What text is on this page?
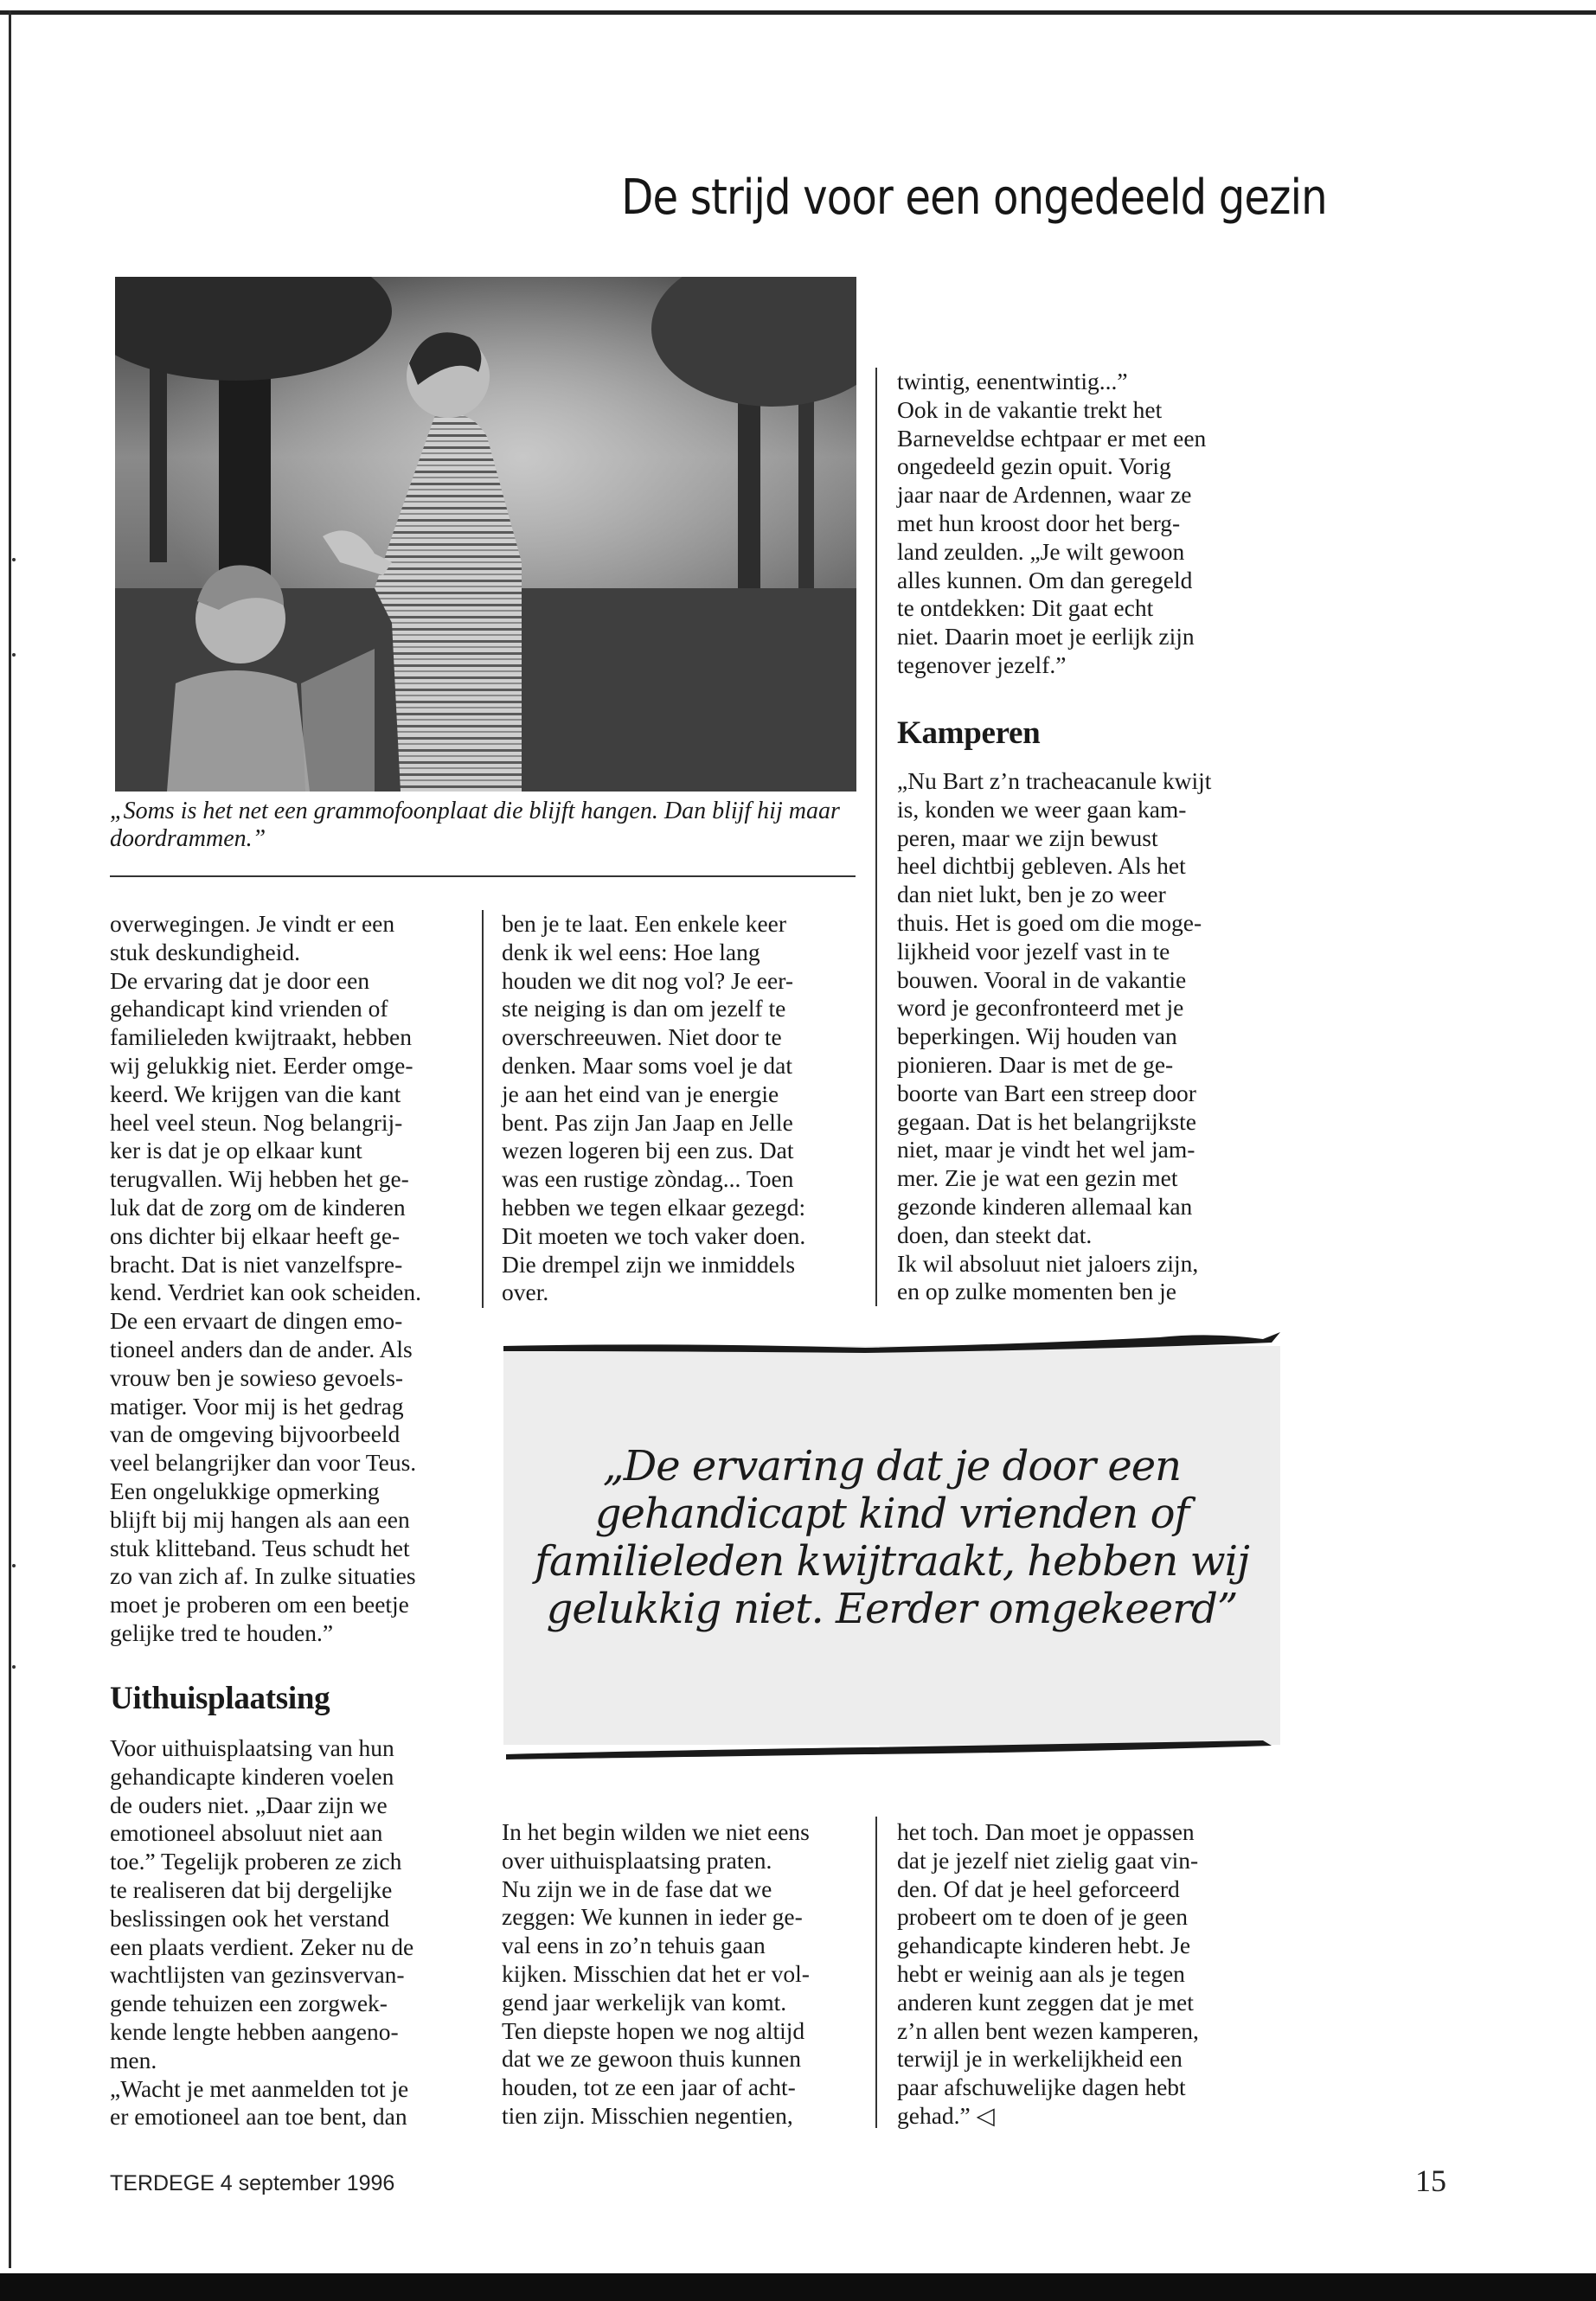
De strijd voor een ongedeeld gezin
„Soms is het net een grammofoonplaat die blijft hangen. Dan blijf hij maar doordrammen.”

twintig, eenentwintig...”

Ook in de vakantie trekt het

Barneveldse echtpaar er met een

ongedeeld gezin opuit. Vorig

jaar naar de Ardennen, waar ze

met hun kroost door het berg-

land zeulden. „Je wilt gewoon

alles kunnen. Om dan geregeld

te ontdekken: Dit gaat echt

niet. Daarin moet je eerlijk zijn

tegenover jezelf.”

Kamperen

„Nu Bart z’n tracheacanule kwijt

is, konden we weer gaan kam-

peren, maar we zijn bewust

heel dichtbij gebleven. Als het

dan niet lukt, ben je zo weer

thuis. Het is goed om die moge-

lijkheid voor jezelf vast in te

bouwen. Vooral in de vakantie

word je geconfronteerd met je

beperkingen. Wij houden van

pionieren. Daar is met de ge-

boorte van Bart een streep door

gegaan. Dat is het belangrijkste

niet, maar je vindt het wel jam-

mer. Zie je wat een gezin met

gezonde kinderen allemaal kan

doen, dan steekt dat.

Ik wil absoluut niet jaloers zijn,

en op zulke momenten ben je

overwegingen. Je vindt er een

stuk deskundigheid.

De ervaring dat je door een

gehandicapt kind vrienden of

familieleden kwijtraakt, hebben

wij gelukkig niet. Eerder omge-

keerd. We krijgen van die kant

heel veel steun. Nog belangrij-

ker is dat je op elkaar kunt

terugvallen. Wij hebben het ge-

luk dat de zorg om de kinderen

ons dichter bij elkaar heeft ge-

bracht. Dat is niet vanzelfspre-

kend. Verdriet kan ook scheiden.

De een ervaart de dingen emo-

tioneel anders dan de ander. Als

vrouw ben je sowieso gevoels-

matiger. Voor mij is het gedrag

van de omgeving bijvoorbeeld

veel belangrijker dan voor Teus.

Een ongelukkige opmerking

blijft bij mij hangen als aan een

stuk klitteband. Teus schudt het

zo van zich af. In zulke situaties

moet je proberen om een beetje

gelijke tred te houden.”

Uithuisplaatsing

Voor uithuisplaatsing van hun

gehandicapte kinderen voelen

de ouders niet. „Daar zijn we

emotioneel absoluut niet aan

toe.” Tegelijk proberen ze zich

te realiseren dat bij dergelijke

beslissingen ook het verstand

een plaats verdient. Zeker nu de

wachtlijsten van gezinsvervan-

gende tehuizen een zorgwek-

kende lengte hebben aangeno-

men.

„Wacht je met aanmelden tot je

er emotioneel aan toe bent, dan

ben je te laat. Een enkele keer

denk ik wel eens: Hoe lang

houden we dit nog vol? Je eer-

ste neiging is dan om jezelf te

overschreeuwen. Niet door te

denken. Maar soms voel je dat

je aan het eind van je energie

bent. Pas zijn Jan Jaap en Jelle

wezen logeren bij een zus. Dat

was een rustige zòndag... Toen

hebben we tegen elkaar gezegd:

Dit moeten we toch vaker doen.

Die drempel zijn we inmiddels

over.

„De ervaring dat je door een
gehandicapt kind vrienden of
familieleden kwijtraakt, hebben wij
gelukkig niet. Eerder omgekeerd”

In het begin wilden we niet eens

over uithuisplaatsing praten.

Nu zijn we in de fase dat we

zeggen: We kunnen in ieder ge-

val eens in zo’n tehuis gaan

kijken. Misschien dat het er vol-

gend jaar werkelijk van komt.

Ten diepste hopen we nog altijd

dat we ze gewoon thuis kunnen

houden, tot ze een jaar of acht-

tien zijn. Misschien negentien,

het toch. Dan moet je oppassen

dat je jezelf niet zielig gaat vin-

den. Of dat je heel geforceerd

probeert om te doen of je geen

gehandicapte kinderen hebt. Je

hebt er weinig aan als je tegen

anderen kunt zeggen dat je met

z’n allen bent wezen kamperen,

terwijl je in werkelijkheid een

paar afschuwelijke dagen hebt

gehad.” ◁

TERDEGE 4 september 1996	15
